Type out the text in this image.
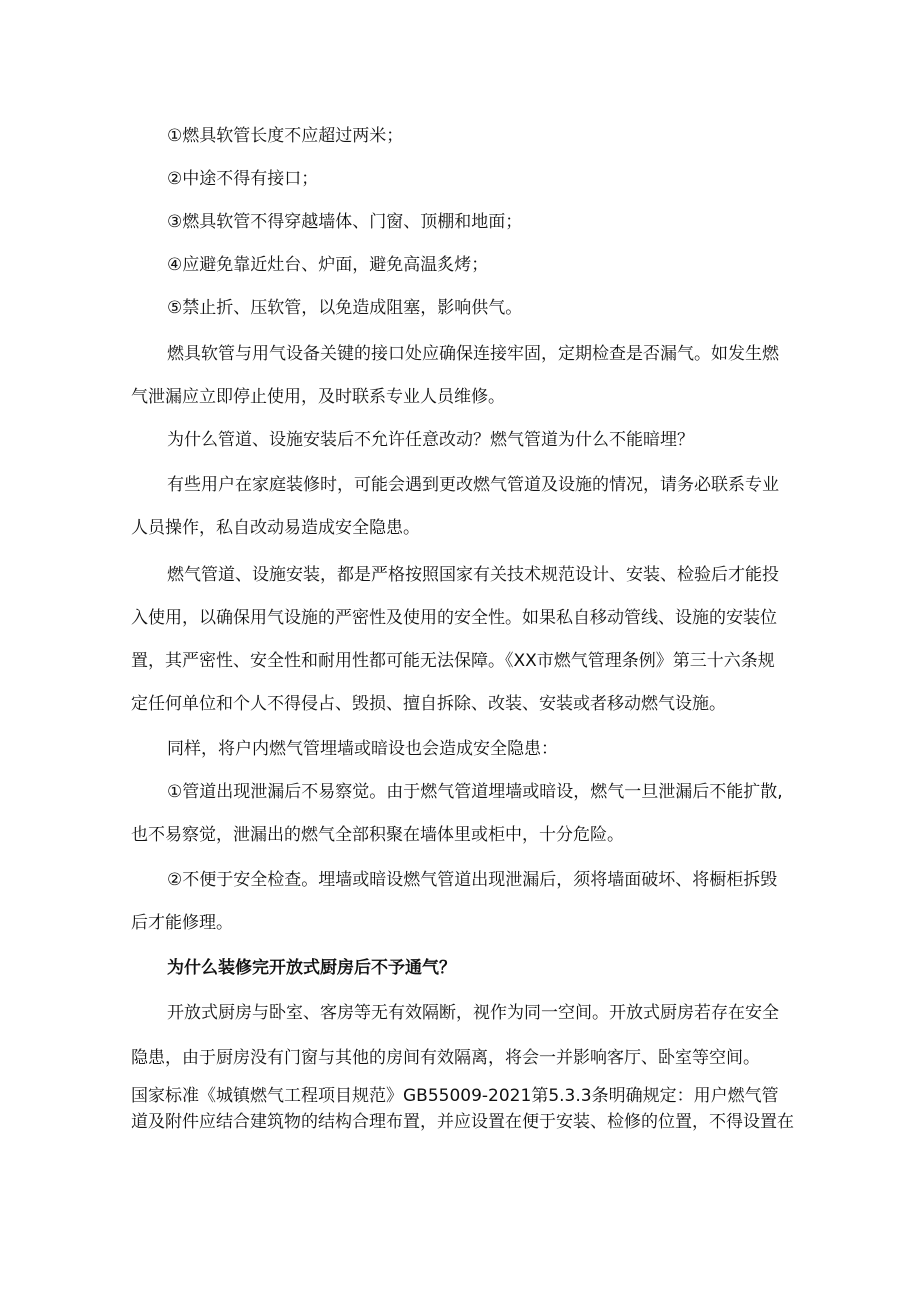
①燃具软管长度不应超过两米；

②中途不得有接口；

③燃具软管不得穿越墙体、门窗、顶棚和地面；

④应避免靠近灶台、炉面，避免高温炙烤；

⑤禁止折、压软管，以免造成阻塞，影响供气。

燃具软管与用气设备关键的接口处应确保连接牢固，定期检查是否漏气。如发生燃

气泄漏应立即停止使用，及时联系专业人员维修。

为什么管道、设施安装后不允许任意改动？燃气管道为什么不能暗埋？

有些用户在家庭装修时，可能会遇到更改燃气管道及设施的情况，请务必联系专业

人员操作，私自改动易造成安全隐患。

燃气管道、设施安装，都是严格按照国家有关技术规范设计、安装、检验后才能投

入使用，以确保用气设施的严密性及使用的安全性。如果私自移动管线、设施的安装位

置，其严密性、安全性和耐用性都可能无法保障。《XX市燃气管理条例》第三十六条规

定任何单位和个人不得侵占、毁损、擅自拆除、改装、安装或者移动燃气设施。

同样，将户内燃气管埋墙或暗设也会造成安全隐患：

①管道出现泄漏后不易察觉。由于燃气管道埋墙或暗设，燃气一旦泄漏后不能扩散,

也不易察觉，泄漏出的燃气全部积聚在墙体里或柜中，十分危险。

②不便于安全检查。埋墙或暗设燃气管道出现泄漏后，须将墙面破坏、将橱柜拆毁

后才能修理。

为什么装修完开放式厨房后不予通气？

开放式厨房与卧室、客房等无有效隔断，视作为同一空间。开放式厨房若存在安全

隐患，由于厨房没有门窗与其他的房间有效隔离，将会一并影响客厅、卧室等空间。

国家标准《城镇燃气工程项目规范》GB55009-2021第5.3.3条明确规定：用户燃气管

道及附件应结合建筑物的结构合理布置，并应设置在便于安装、检修的位置，不得设置在
